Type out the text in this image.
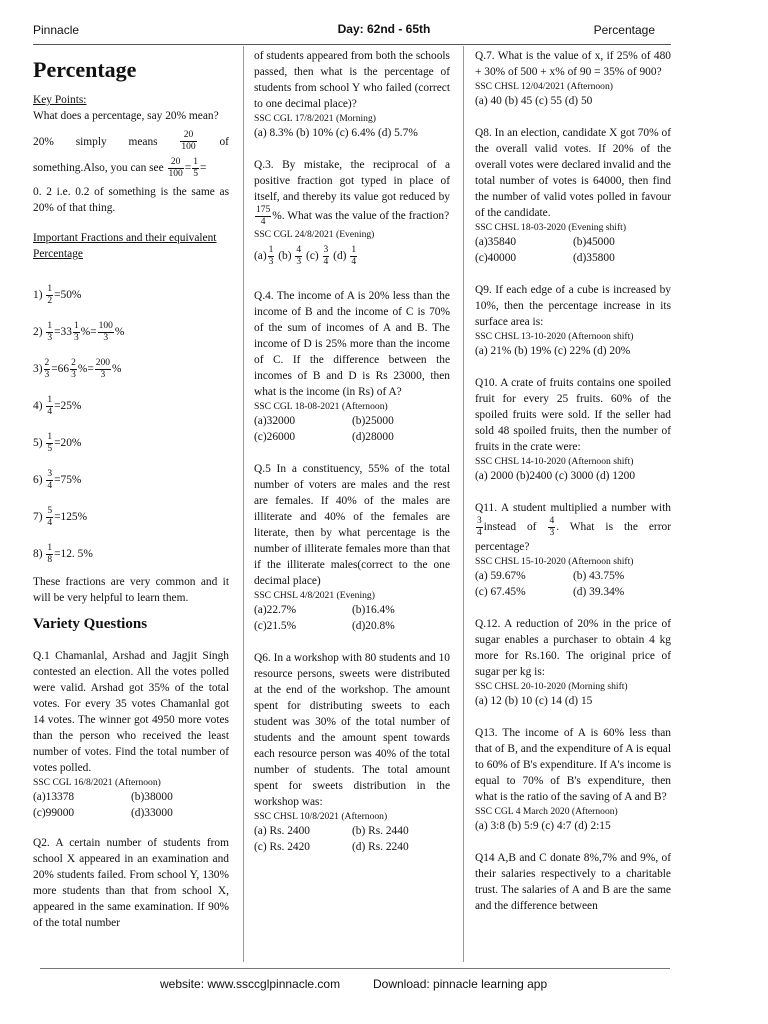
Pinnacle	Day: 62nd - 65th	Percentage
Percentage
Key Points:

What does a percentage, say 20% mean?

20% simply means
20
100 of
something.Also, you can see $\frac{20}{100} = \frac{1}{5}$ =

0. 2 i.e. 0.2 of something is the same as 20% of that thing.

Important Fractions and their equivalent Percentage

$1) \frac{1}{2} =50\%$
$2) \frac{1}{3} =33 \frac{1}{3}$ %= $\frac{100}{3}$ %
$3) \frac{2}{3} =66 \frac{2}{3}$ %= $\frac{200}{3}$ %
$4) \frac{1}{4} =25\%$
$5) \frac{1}{5} =20\%$
$6) \frac{3}{4} =75\%$
$7) \frac{5}{4} =125\%$
$8) \frac{1}{8} =12$. 5%

These fractions are very common and it will be very helpful to learn them.

Variety Questions

Q.1 Chamanlal, Arshad and Jagjit Singh contested an election. All the votes polled were valid. Arshad got 35% of the total votes. For every 35 votes Chamanlal got 14 votes. The winner got 4950 more votes than the person who received the least number of votes. Find the total number of votes polled.

SSC CGL 16/8/2021 (Afternoon)
(a)13378	(b)38000
(c)99000	(d)33000

Q2. A certain number of students from school X appeared in an examination and 20% students failed. From school Y, 130% more students than that from school X, appeared in the same examination. If 90% of the total number

of students appeared from both the schools passed, then what is the percentage of students from school Y who failed (correct to one decimal place)?

SSC CGL 17/8/2021 (Morning)

(a) 8.3% (b) 10% (c) 6.4% (d) 5.7%

Q.3. By mistake, the reciprocal of a positive fraction got typed in place of itself, and thereby its value got reduced by
$\frac{175}{4}$ %. What was the value of the fraction?
SSC CGL 24/8/2021 (Evening)
$(a) \frac{1}{3} (b) \frac{4}{3} (c) \frac{3}{4} (d) \frac{1}{4}$

Q.4. The income of A is 20% less than the income of B and the income of C is 70% of the sum of incomes of A and B. The income of D is 25% more than the income of C. If the difference between the incomes of B and D is Rs 23000, then what is the income (in Rs) of A?

SSC CGL 18-08-2021 (Afternoon)
(a)32000	(b)25000
(c)26000	(d)28000

Q.5 In a constituency, 55% of the total number of voters are males and the rest are females. If 40% of the males are illiterate and 40% of the females are literate, then by what percentage is the number of illiterate females more than that if the illiterate males(correct to the one decimal place)

SSC CHSL 4/8/2021 (Evening)
(a)22.7%	(b)16.4%
(c)21.5%	(d)20.8%

Q6. In a workshop with 80 students and 10 resource persons, sweets were distributed at the end of the workshop. The amount spent for distributing sweets to each student was 30% of the total number of students and the amount spent towards each resource person was 40% of the total number of students. The total amount spent for sweets distribution in the workshop was:

SSC CHSL 10/8/2021 (Afternoon)
(a) Rs. 2400	(b) Rs. 2440
(c) Rs. 2420	(d) Rs. 2240

Q.7. What is the value of x, if 25% of 480 + 30% of 500 + x% of 90 = 35% of 900?

SSC CHSL 12/04/2021 (Afternoon)

(a) 40 (b) 45 (c) 55 (d) 50

Q8. In an election, candidate X got 70% of the overall valid votes. If 20% of the overall votes were declared invalid and the total number of votes is 64000, then find the number of valid votes polled in favour of the candidate.

SSC CHSL 18-03-2020 (Evening shift)
(a)35840	(b)45000
(c)40000	(d)35800

Q9. If each edge of a cube is increased by 10%, then the percentage increase in its surface area is:

SSC CHSL 13-10-2020 (Afternoon shift)

(a) 21% (b) 19% (c) 22% (d) 20%

Q10. A crate of fruits contains one spoiled fruit for every 25 fruits. 60% of the spoiled fruits were sold. If the seller had sold 48 spoiled fruits, then the number of fruits in the crate were:

SSC CHSL 14-10-2020 (Afternoon shift)

(a) 2000 (b)2400 (c) 3000 (d) 1200

Q11. A student multiplied a number with
$\frac{3}{4}$ instead of $\frac{4}{3}$ . What is the error percentage?
SSC CHSL 15-10-2020 (Afternoon shift)
(a) 59.67%	(b) 43.75%
(c) 67.45%	(d) 39.34%

Q.12. A reduction of 20% in the price of sugar enables a purchaser to obtain 4 kg more for Rs.160. The original price of sugar per kg is:

SSC CHSL 20-10-2020 (Morning shift)

(a) 12 (b) 10 (c) 14 (d) 15

Q13. The income of A is 60% less than that of B, and the expenditure of A is equal to 60% of B's expenditure. If A's income is equal to 70% of B's expenditure, then what is the ratio of the saving of A and B?

SSC CGL 4 March 2020 (Afternoon)

(a) 3:8 (b) 5:9 (c) 4:7 (d) 2:15

Q14 A,B and C donate 8%,7% and 9%, of their salaries respectively to a charitable trust. The salaries of A and B are the same and the difference between

website: www.ssccglpinnacle.com	Download: pinnacle learning app
